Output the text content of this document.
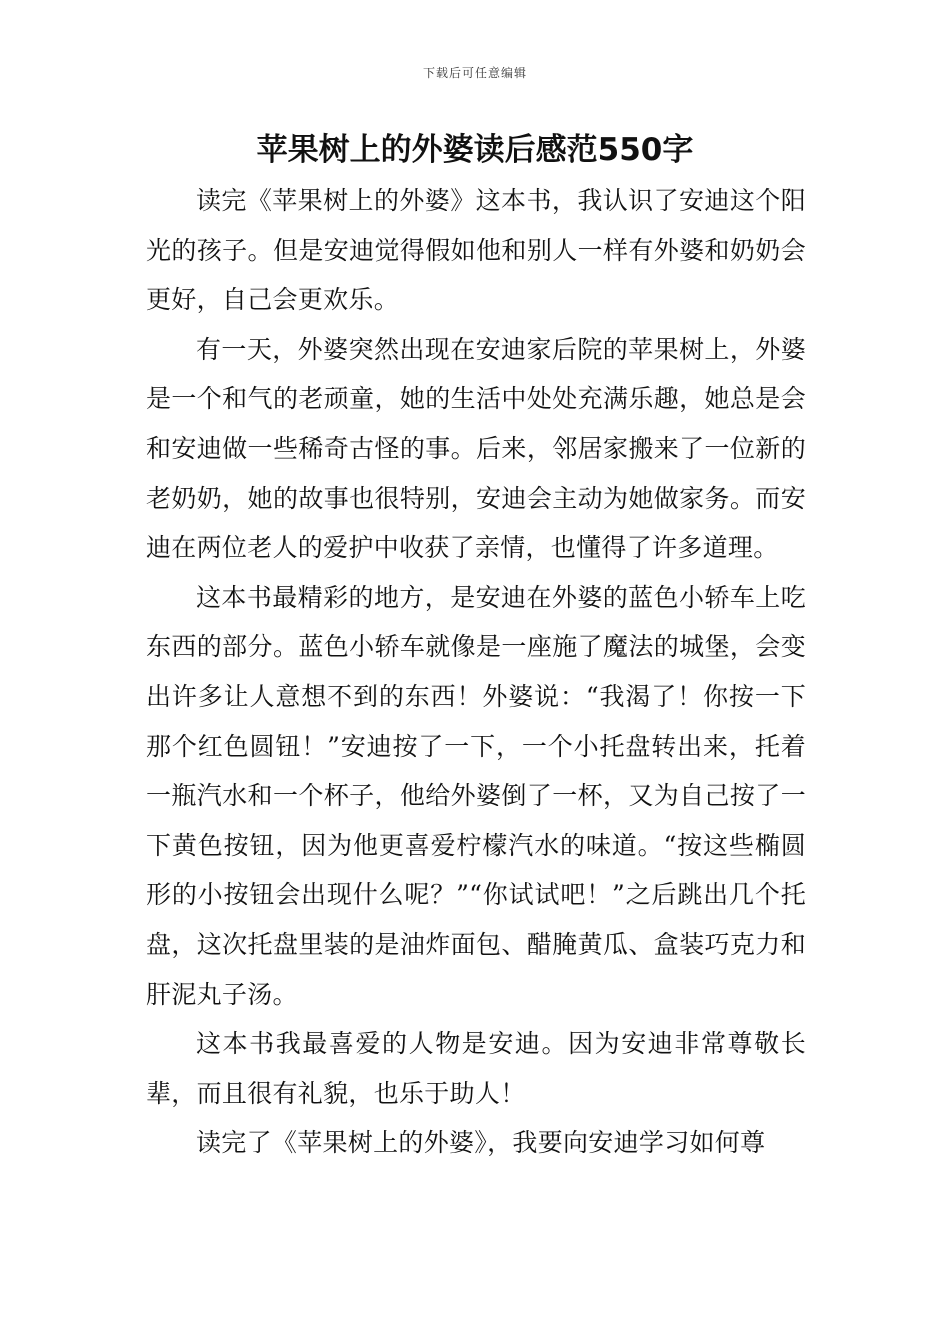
下载后可任意编辑
苹果树上的外婆读后感范550字

读完《苹果树上的外婆》这本书，我认识了安迪这个阳光的孩子。但是安迪觉得假如他和别人一样有外婆和奶奶会更好，自己会更欢乐。

有一天，外婆突然出现在安迪家后院的苹果树上，外婆是一个和气的老顽童，她的生活中处处充满乐趣，她总是会和安迪做一些稀奇古怪的事。后来，邻居家搬来了一位新的老奶奶，她的故事也很特别，安迪会主动为她做家务。而安迪在两位老人的爱护中收获了亲情，也懂得了许多道理。

这本书最精彩的地方，是安迪在外婆的蓝色小轿车上吃东西的部分。蓝色小轿车就像是一座施了魔法的城堡，会变出许多让人意想不到的东西！外婆说：“我渴了！你按一下那个红色圆钮！”安迪按了一下，一个小托盘转出来，托着一瓶汽水和一个杯子，他给外婆倒了一杯，又为自己按了一下黄色按钮，因为他更喜爱柠檬汽水的味道。“按这些椭圆形的小按钮会出现什么呢？”“你试试吧！”之后跳出几个托盘，这次托盘里装的是油炸面包、醋腌黄瓜、盒装巧克力和肝泥丸子汤。

这本书我最喜爱的人物是安迪。因为安迪非常尊敬长辈，而且很有礼貌，也乐于助人！

读完了《苹果树上的外婆》，我要向安迪学习如何尊
